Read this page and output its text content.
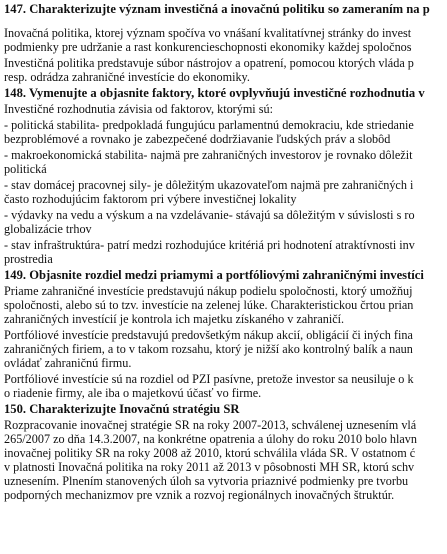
147. Charakterizujte význam investičná a inovačnú politiku so zameraním na p
Inovačná politika, ktorej význam spočíva vo vnášaní kvalitatívnej stránky do invest
podmienky pre udržanie a rast konkurencieschopnosti ekonomiky každej spoločnos
Investičná politika predstavuje súbor nástrojov a opatrení, pomocou ktorých vláda p
resp. odrádza zahraničné investície do ekonomiky.
148. Vymenujte a objasnite faktory, ktoré ovplyvňujú investičné rozhodnutia v
Investičné rozhodnutia závisia od faktorov, ktorými sú:
- politická stabilita- predpokladá fungujúcu parlamentnú demokraciu, kde striedanie
bezproblémové a rovnako je zabezpečené dodržiavanie ľudských práv a slobôd
- makroekonomická stabilita- najmä pre zahraničných investorov je rovnako dôležit
politická
- stav domácej pracovnej sily- je dôležitým ukazovateľom najmä pre zahraničných i
často rozhodujúcim faktorom pri výbere investičnej lokality
- výdavky na vedu a výskum a na vzdelávanie- stávajú sa dôležitým v súvislosti s ro
globalizácie trhov
- stav infraštruktúra- patrí medzi rozhodujúce kritériá pri hodnotení atraktívnosti inv
prostredia
149. Objasnite rozdiel medzi priamymi a portfóliovými zahraničnými investíci
Priame zahraničné investície predstavujú nákup podielu spoločnosti, ktorý umožňuj
spoločnosti, alebo sú to tzv. investície na zelenej lúke. Charakteristickou črtou prian
zahraničných investícií je kontrola ich majetku získaného v zahraničí.
Portfóliové investície predstavujú predovšetkým nákup akcií, obligácií či iných fina
zahraničných firiem, a to v takom rozsahu, ktorý je nižší ako kontrolný balík a naun
ovládať zahraničnú firmu.
Portfóliové investície sú na rozdiel od PZI pasívne, pretože investor sa neusiluje o k
o riadenie firmy, ale iba o majetkovú účasť vo firme.
150. Charakterizujte Inovačnú stratégiu SR
Rozpracovanie inovačnej stratégie SR na roky 2007-2013, schválenej uznesením vlá
265/2007 zo dňa 14.3.2007, na konkrétne opatrenia a úlohy do roku 2010 bolo hlavn
inovačnej politiky SR na roky 2008 až 2010, ktorú schválila vláda SR. V ostatnom ć
v platnosti Inovačná politika na roky 2011 až 2013 v pôsobnosti MH SR, ktorú schv
uznesením. Plnením stanovených úloh sa vytvoria priaznivé podmienky pre tvorbu
podporných mechanizmov pre vznik a rozvoj regionálnych inovačných štruktúr.
